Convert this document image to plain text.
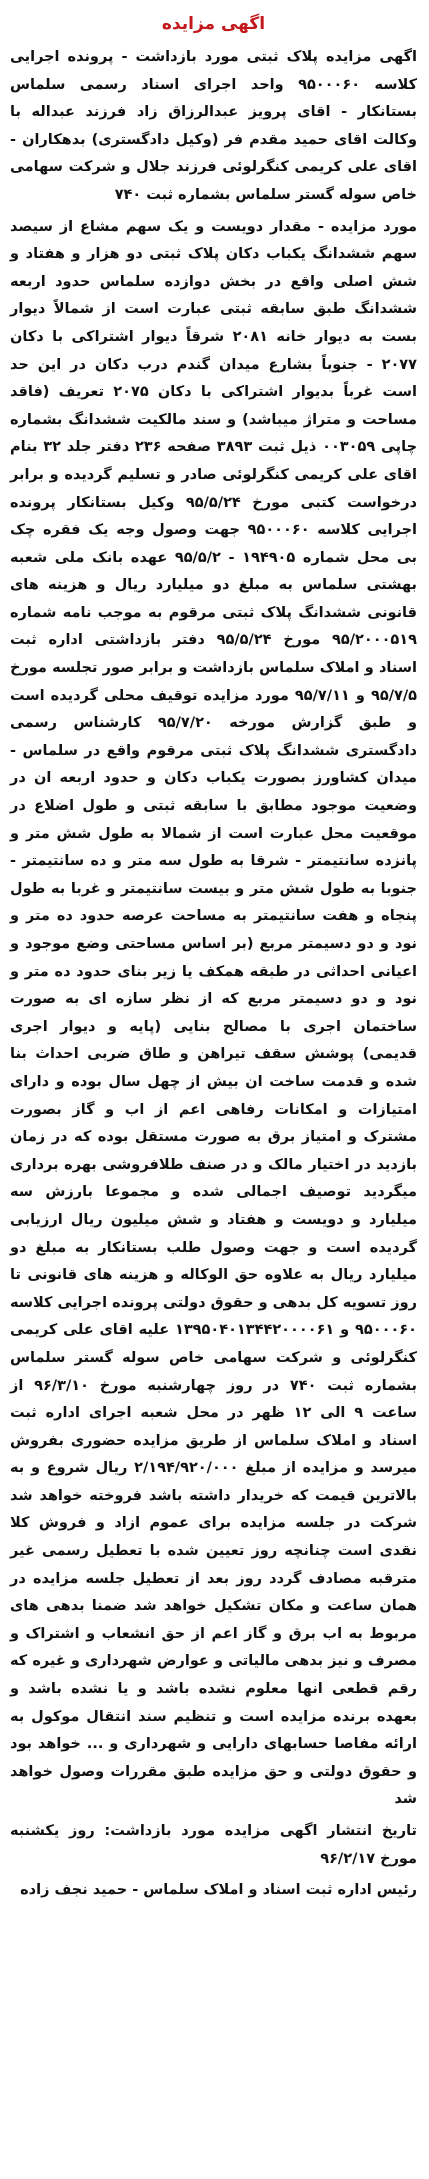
اگهی مزایده

اگهی مزایده پلاک ثبتی مورد بازداشت - پرونده اجرایی کلاسه ۹۵۰۰۰۶۰ واحد اجرای اسناد رسمی سلماس بستانکار - اقای پرویز عبدالرزاق زاد فرزند عبداله با وکالت اقای حمید مقدم فر (وکیل دادگستری) بدهکاران - اقای علی کریمی کنگرلوئی فرزند جلال و شرکت سهامی خاص سوله گستر سلماس بشماره ثبت ۷۴۰

مورد مزایده - مقدار دویست و یک سهم مشاع از سیصد سهم ششدانگ یکباب دکان پلاک ثبتی دو هزار و هفتاد و شش اصلی واقع در بخش دوازده سلماس حدود اربعه ششدانگ طبق سابقه ثبتی عبارت است از شمالاً دیوار بست به دیوار خانه ۲۰۸۱ شرقاً دیوار اشتراکی با دکان ۲۰۷۷ - جنوباً بشارع میدان گندم درب دکان در این حد است غرباً بدیوار اشتراکی با دکان ۲۰۷۵ تعریف (فاقد مساحت و متراژ میباشد) و سند مالکیت ششدانگ بشماره چاپی ۰۰۳۰۵۹ ذیل ثبت ۳۸۹۳ صفحه ۲۳۶ دفتر جلد ۳۲ بنام اقای علی کریمی کنگرلوئی صادر و تسلیم گردیده و برابر درخواست کتبی مورخ ۹۵/۵/۲۴ وکیل بستانکار پرونده اجرایی کلاسه ۹۵۰۰۰۶۰ جهت وصول وجه یک فقره چک بی محل شماره ۱۹۴۹۰۵ - ۹۵/۵/۲ عهده بانک ملی شعبه بهشتی سلماس به مبلغ دو میلیارد ریال و هزینه های قانونی ششدانگ پلاک ثبتی مرقوم به موجب نامه شماره ۹۵/۲۰۰۰۵۱۹ مورخ ۹۵/۵/۲۴ دفتر بازداشتی اداره ثبت اسناد و املاک سلماس بازداشت و برابر صور تجلسه مورخ ۹۵/۷/۵ و ۹۵/۷/۱۱ مورد مزایده توقیف محلی گردیده است و طبق گزارش مورخه ۹۵/۷/۲۰ کارشناس رسمی دادگستری ششدانگ پلاک ثبتی مرقوم واقع در سلماس - میدان کشاورز بصورت یکباب دکان و حدود اربعه ان در وضعیت موجود مطابق با سابقه ثبتی و طول اضلاع در موقعیت محل عبارت است از شمالا به طول شش متر و پانزده سانتیمتر - شرقا به طول سه متر و ده سانتیمتر - جنوبا به طول شش متر و بیست سانتیمتر و غربا به طول پنجاه و هفت سانتیمتر به مساحت عرصه حدود ده متر و نود و دو دسیمتر مربع (بر اساس مساحتی وضع موجود و اعیانی احداثی در طبقه همکف یا زیر بنای حدود ده متر و نود و دو دسیمتر مربع که از نظر سازه ای به صورت ساختمان اجری با مصالح بنایی (پایه و دیوار اجری قدیمی) پوشش سقف تیراهن و طاق ضربی احداث بنا شده و قدمت ساخت ان بیش از چهل سال بوده و دارای امتیازات و امکانات رفاهی اعم از اب و گاز بصورت مشترک و امتیاز برق به صورت مستقل بوده که در زمان بازدید در اختیار مالک و در صنف طلافروشی بهره برداری میگردید توصیف اجمالی شده و مجموعا بارزش سه میلیارد و دویست و هفتاد و شش میلیون ریال ارزیابی گردیده است و جهت وصول طلب بستانکار به مبلغ دو میلیارد ریال به علاوه حق الوکاله و هزینه های قانونی تا روز تسویه کل بدهی و حقوق دولتی پرونده اجرایی کلاسه ۹۵۰۰۰۶۰ و ۱۳۹۵۰۴۰۱۳۴۴۲۰۰۰۰۶۱ علیه اقای علی کریمی کنگرلوئی و شرکت سهامی خاص سوله گستر سلماس بشماره ثبت ۷۴۰ در روز چهارشنبه مورخ ۹۶/۳/۱۰ از ساعت ۹ الی ۱۲ ظهر در محل شعبه اجرای اداره ثبت اسناد و املاک سلماس از طریق مزایده حضوری بفروش میرسد و مزایده از مبلغ ۲/۱۹۴/۹۲۰/۰۰۰ ریال شروع و به بالاترین قیمت که خریدار داشته باشد فروخته خواهد شد شرکت در جلسه مزایده برای عموم ازاد و فروش کلا نقدی است چنانچه روز تعیین شده با تعطیل رسمی غیر مترقبه مصادف گردد روز بعد از تعطیل جلسه مزایده در همان ساعت و مکان تشکیل خواهد شد ضمنا بدهی های مربوط به اب برق و گاز اعم از حق انشعاب و اشتراک و مصرف و نیز بدهی مالیاتی و عوارض شهرداری و غیره که رقم قطعی انها معلوم نشده باشد و یا نشده باشد و بعهده برنده مزایده است و تنظیم سند انتقال موکول به ارائه مفاصا حسابهای دارایی و شهرداری و ... خواهد بود و حقوق دولتی و حق مزایده طبق مقررات وصول خواهد شد

تاریخ انتشار اگهی مزایده مورد بازداشت: روز یکشنبه مورخ ۹۶/۲/۱۷

رئیس اداره ثبت اسناد و املاک سلماس - حمید نجف زاده
